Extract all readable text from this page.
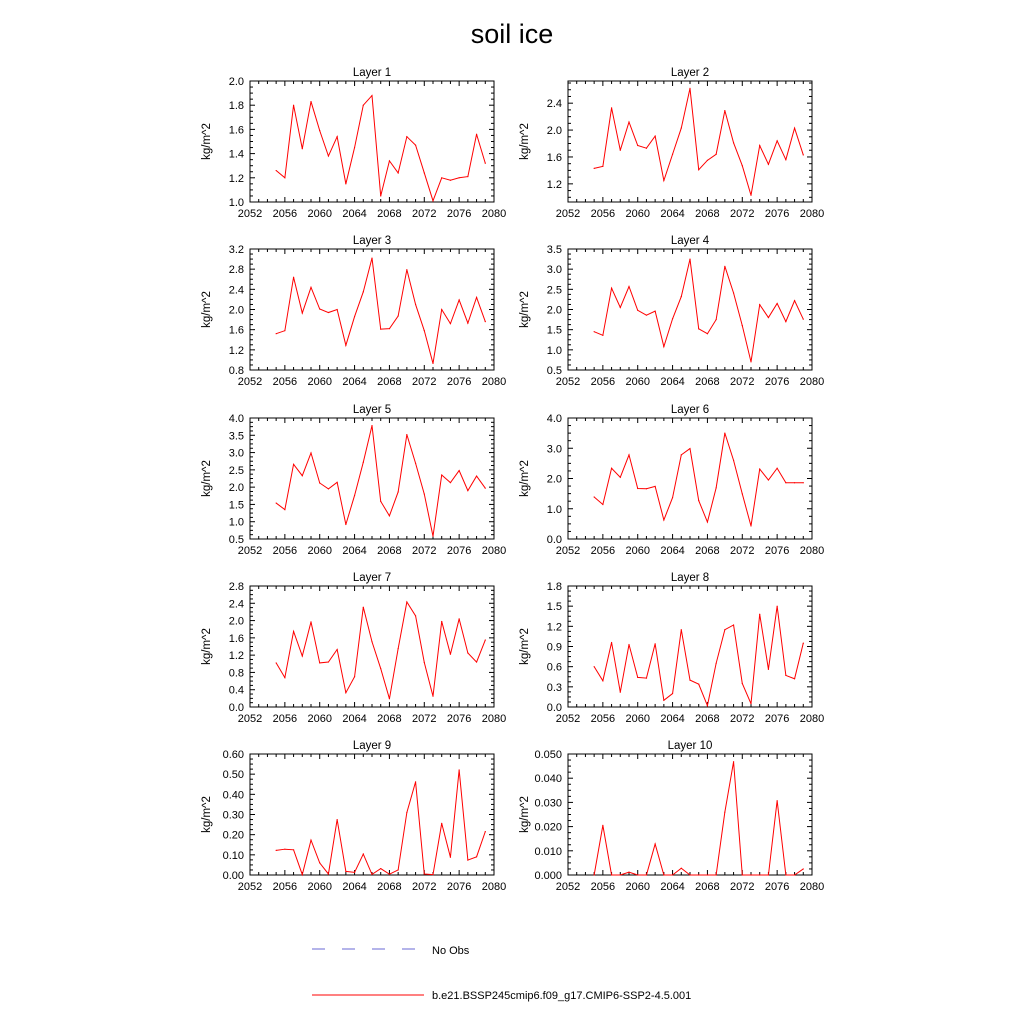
soil ice
Layer 1
kg/m^2
2052 2056 2060 2064 2068 2072 2076 2080
1.0
1.2
1.4
1.6
1.8
2.0
Layer 2
kg/m^2
2052 2056 2060 2064 2068 2072 2076 2080
1.2
1.6
2.0
2.4
Layer 3
kg/m^2
2052 2056 2060 2064 2068 2072 2076 2080
0.8
1.2
1.6
2.0
2.4
2.8
3.2
Layer 4
kg/m^2
2052 2056 2060 2064 2068 2072 2076 2080
0.5
1.0
1.5
2.0
2.5
3.0
3.5
Layer 5
kg/m^2
2052 2056 2060 2064 2068 2072 2076 2080
0.5
1.0
1.5
2.0
2.5
3.0
3.5
4.0
Layer 6
kg/m^2
2052 2056 2060 2064 2068 2072 2076 2080
0.0
1.0
2.0
3.0
4.0
Layer 7
kg/m^2
2052 2056 2060 2064 2068 2072 2076 2080
0.0
0.4
0.8
1.2
1.6
2.0
2.4
2.8
Layer 8
kg/m^2
2052 2056 2060 2064 2068 2072 2076 2080
0.0
0.3
0.6
0.9
1.2
1.5
1.8
Layer 9
kg/m^2
2052 2056 2060 2064 2068 2072 2076 2080
0.00
0.10
0.20
0.30
0.40
0.50
0.60
Layer 10
kg/m^2
2052 2056 2060 2064 2068 2072 2076 2080
0.000
0.010
0.020
0.030
0.040
0.050
No Obs
b.e21.BSSP245cmip6.f09_g17.CMIP6-SSP2-4.5.001
